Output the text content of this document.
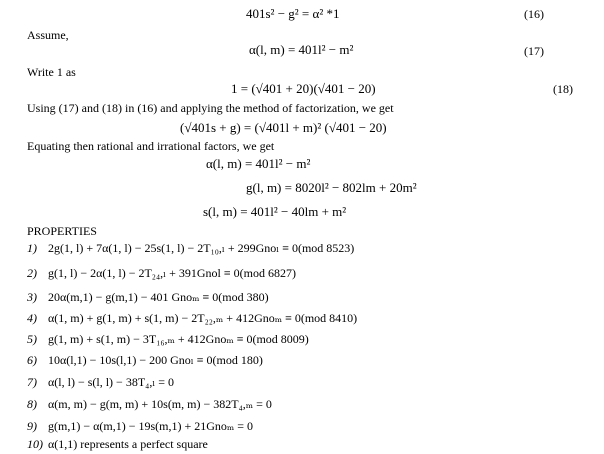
401s² − g² = α² *1	(16)
Assume,
α(l, m) = 401l² − m²	(17)
Write 1 as
1 = (√401 + 20)(√401 − 20)	(18)
Using (17) and (18) in (16) and applying the method of factorization, we get
(√401s + g) = (√401l + m)² (√401 − 20)
Equating then rational and irrational factors, we get
α(l, m) = 401l² − m²
g(l, m) = 8020l² − 802lm + 20m²
s(l, m) = 401l² − 40lm + m²
PROPERTIES
1) 2g(1, l) + 7α(1, l) − 25s(1, l) − 2T₁₀,ₗ + 299Gnoₗ ≡ 0(mod 8523)
2) g(1, l) − 2α(1, l) − 2T₂₄,ₗ + 391Gnol ≡ 0(mod 6827)
3) 20α(m,1) − g(m,1) − 401 Gnoₘ ≡ 0(mod 380)
4) α(1, m) + g(1, m) + s(1, m) − 2T₂₂,ₘ + 412Gnoₘ ≡ 0(mod 8410)
5) g(1, m) + s(1, m) − 3T₁₆,ₘ + 412Gnoₘ ≡ 0(mod 8009)
6) 10α(l,1) − 10s(l,1) − 200 Gnoₗ ≡ 0(mod 180)
7) α(l, l) − s(l, l) − 38T₄,ₗ = 0
8) α(m, m) − g(m, m) + 10s(m, m) − 382T₄,ₘ = 0
9) g(m,1) − α(m,1) − 19s(m,1) + 21Gnoₘ = 0
10) α(1,1) represents a perfect square
